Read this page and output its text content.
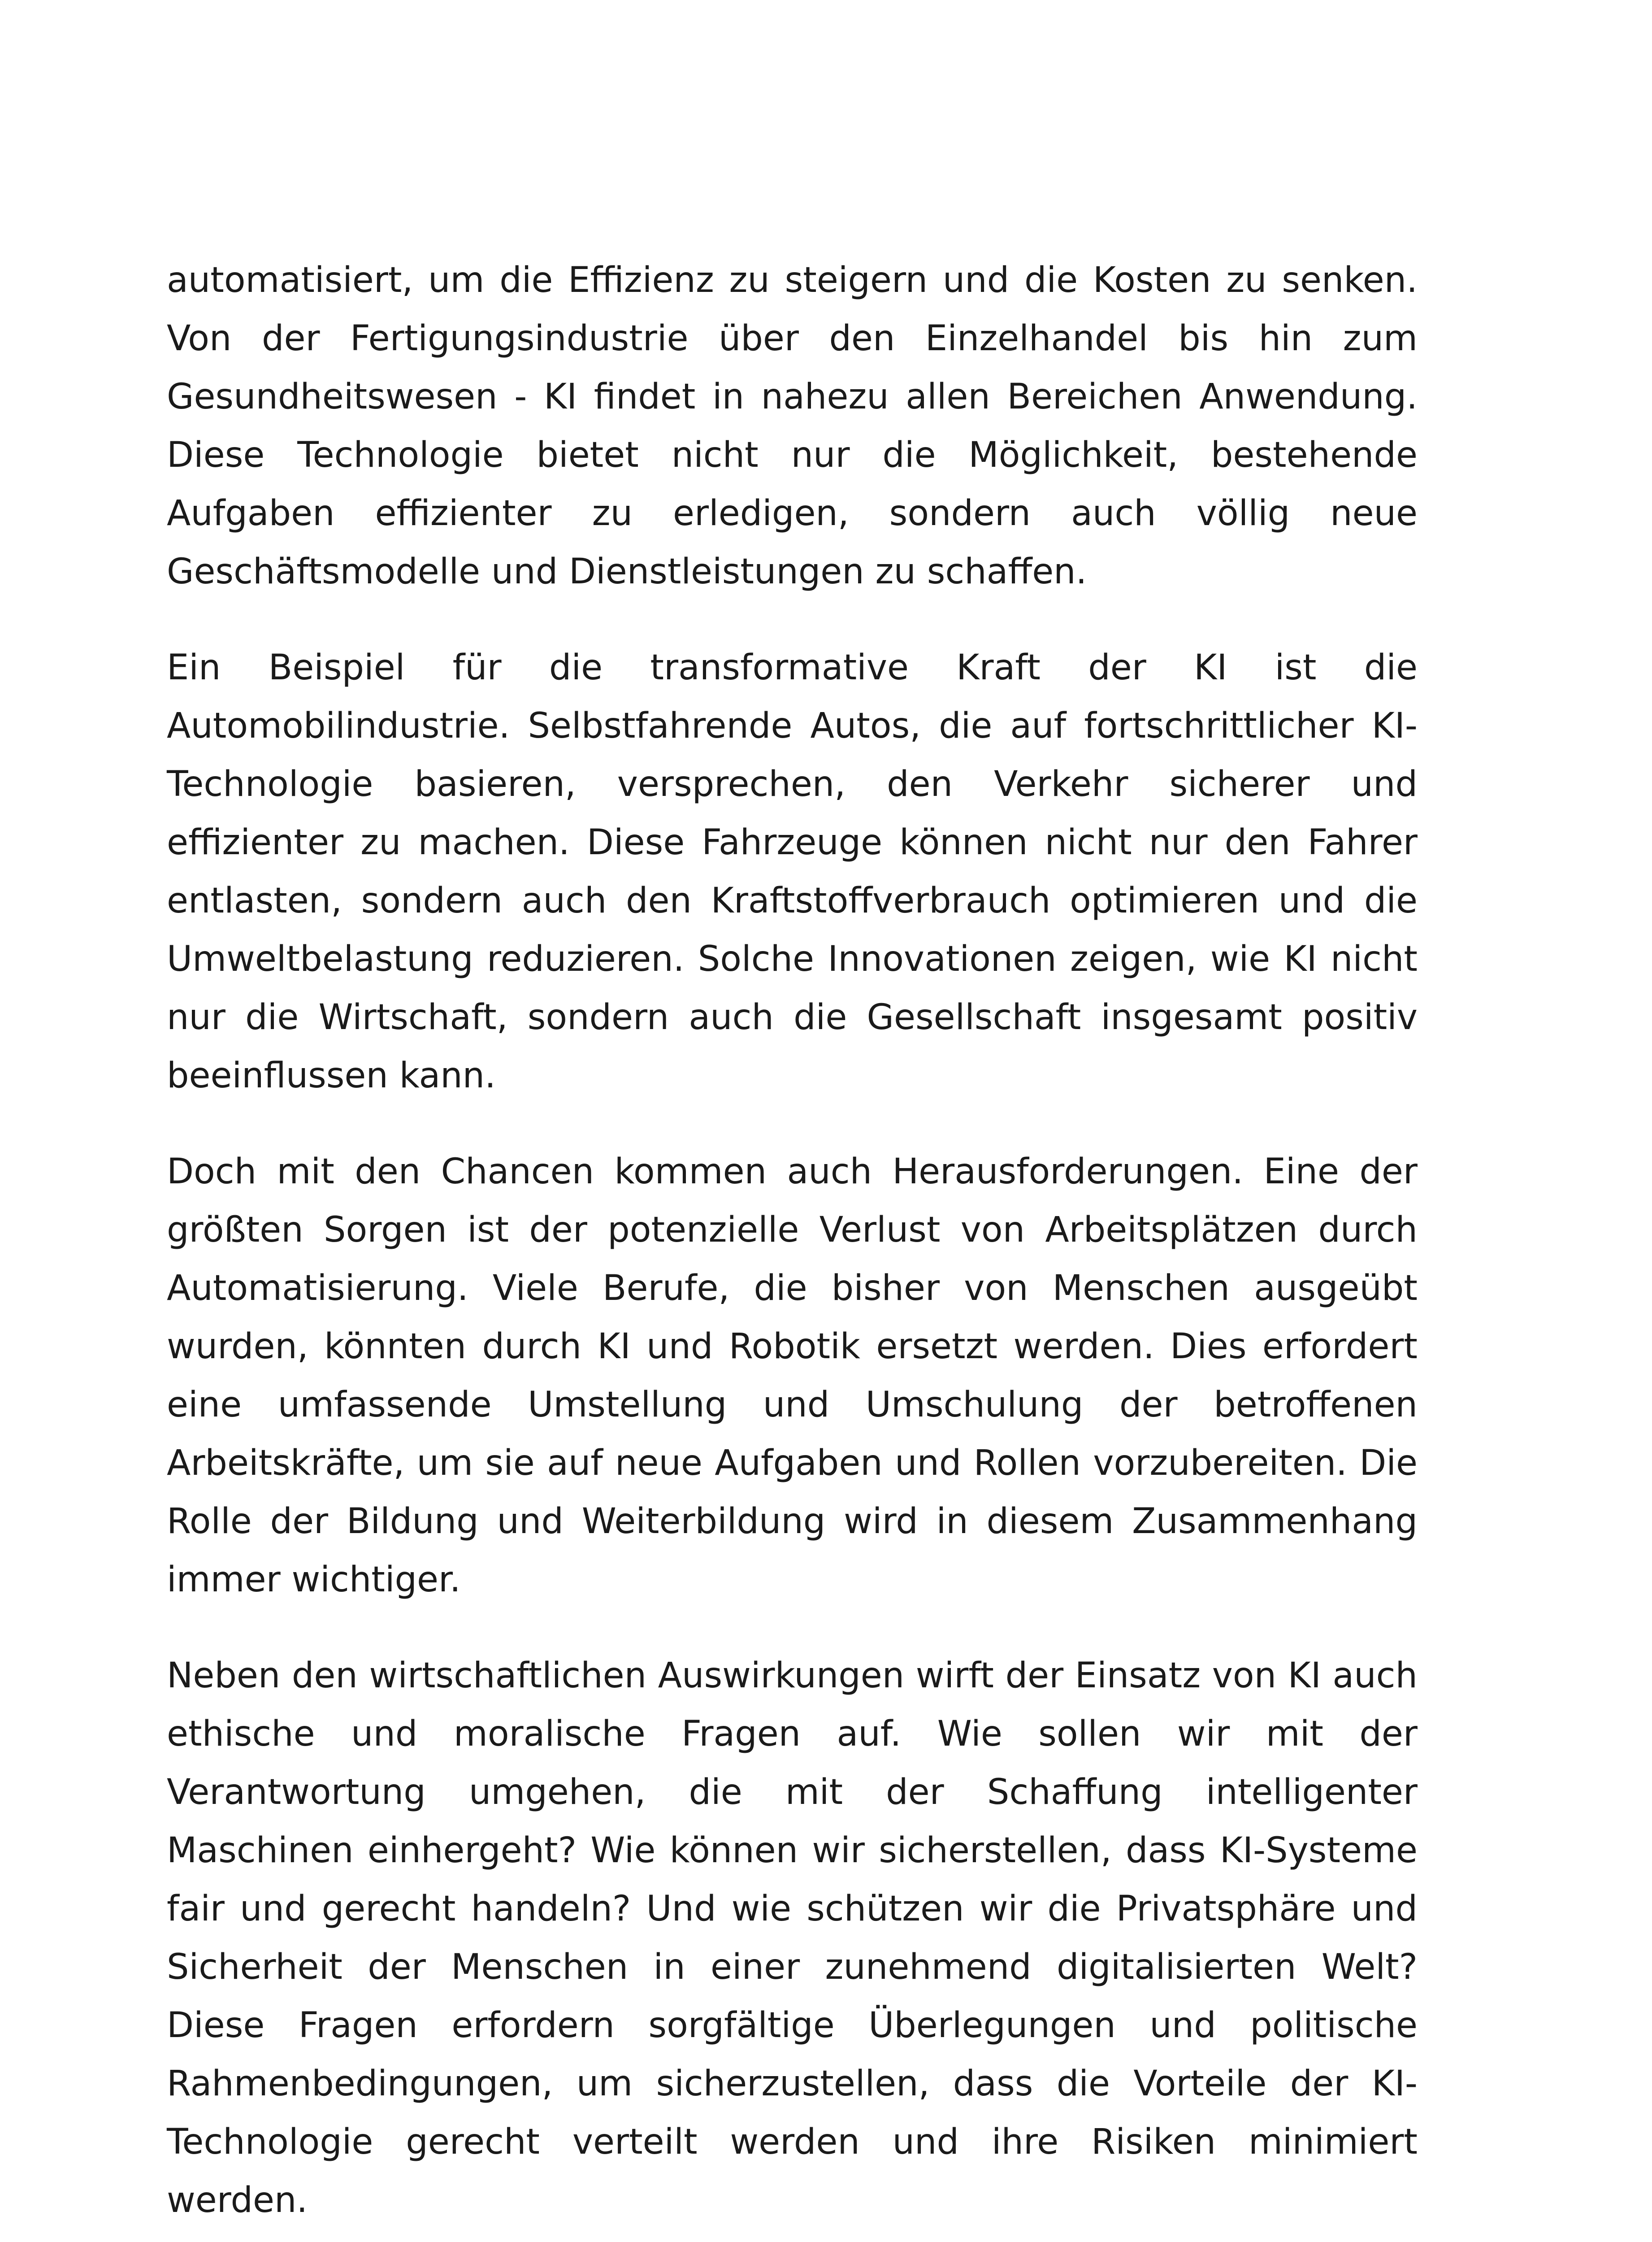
automatisiert, um die Effizienz zu steigern und die Kosten zu senken. Von der Fertigungsindustrie über den Einzelhandel bis hin zum Gesundheitswesen - KI findet in nahezu allen Bereichen Anwendung. Diese Technologie bietet nicht nur die Möglichkeit, bestehende Aufgaben effizienter zu erledigen, sondern auch völlig neue Geschäftsmodelle und Dienstleistungen zu schaffen.

Ein Beispiel für die transformative Kraft der KI ist die Automobilindustrie. Selbstfahrende Autos, die auf fortschrittlicher KI-Technologie basieren, versprechen, den Verkehr sicherer und effizienter zu machen. Diese Fahrzeuge können nicht nur den Fahrer entlasten, sondern auch den Kraftstoffverbrauch optimieren und die Umweltbelastung reduzieren. Solche Innovationen zeigen, wie KI nicht nur die Wirtschaft, sondern auch die Gesellschaft insgesamt positiv beeinflussen kann.

Doch mit den Chancen kommen auch Herausforderungen. Eine der größten Sorgen ist der potenzielle Verlust von Arbeitsplätzen durch Automatisierung. Viele Berufe, die bisher von Menschen ausgeübt wurden, könnten durch KI und Robotik ersetzt werden. Dies erfordert eine umfassende Umstellung und Umschulung der betroffenen Arbeitskräfte, um sie auf neue Aufgaben und Rollen vorzubereiten. Die Rolle der Bildung und Weiterbildung wird in diesem Zusammenhang immer wichtiger.

Neben den wirtschaftlichen Auswirkungen wirft der Einsatz von KI auch ethische und moralische Fragen auf. Wie sollen wir mit der Verantwortung umgehen, die mit der Schaffung intelligenter Maschinen einhergeht? Wie können wir sicherstellen, dass KI-Systeme fair und gerecht handeln? Und wie schützen wir die Privatsphäre und Sicherheit der Menschen in einer zunehmend digitalisierten Welt? Diese Fragen erfordern sorgfältige Überlegungen und politische Rahmenbedingungen, um sicherzustellen, dass die Vorteile der KI-Technologie gerecht verteilt werden und ihre Risiken minimiert werden.
